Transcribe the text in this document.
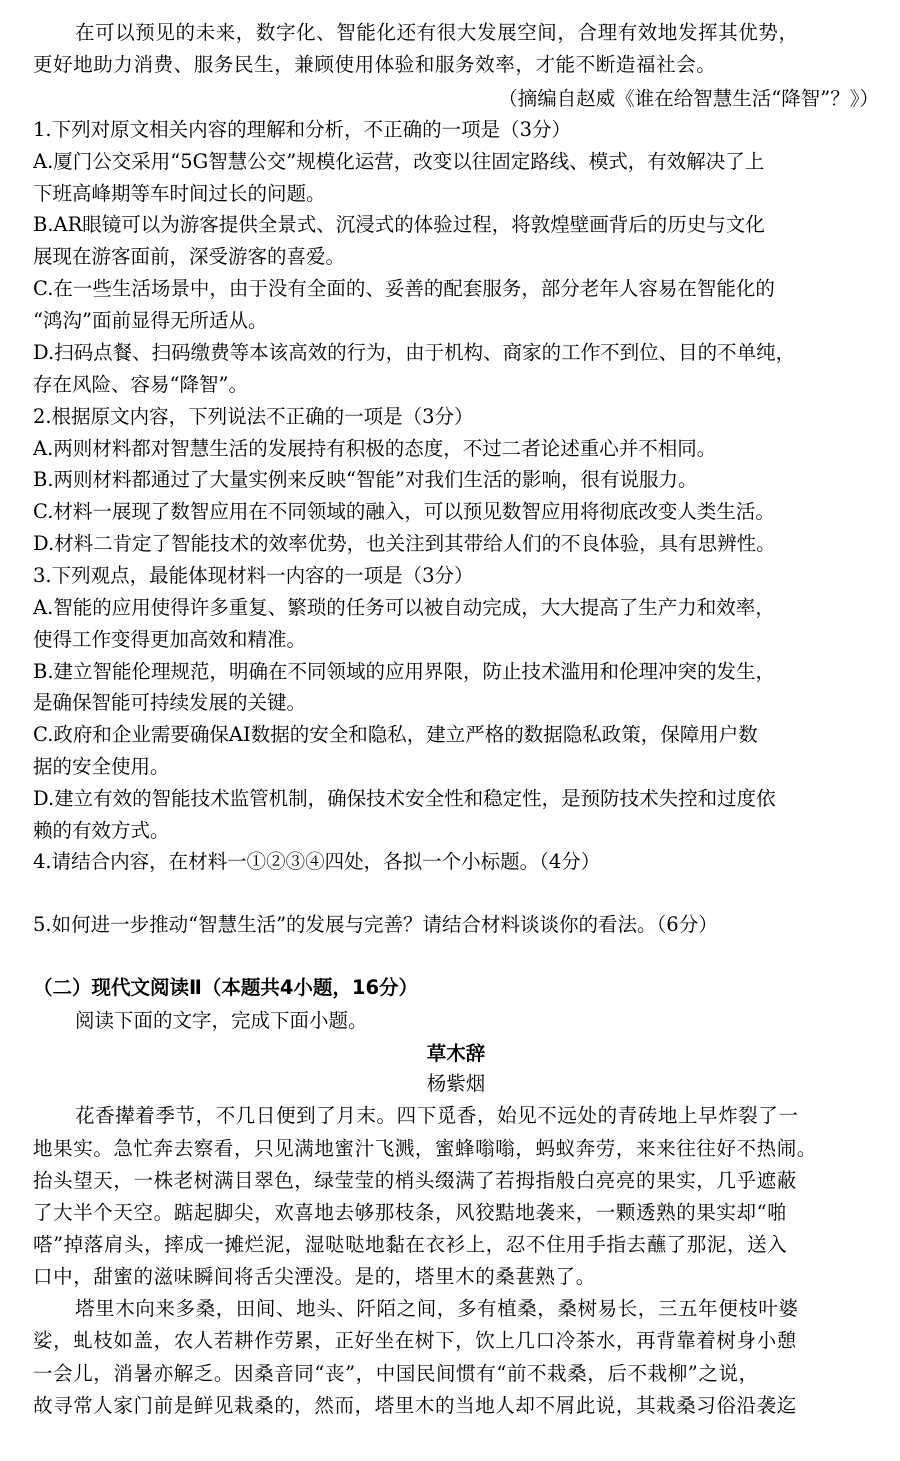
在可以预见的未来，数字化、智能化还有很大发展空间，合理有效地发挥其优势，
更好地助力消费、服务民生，兼顾使用体验和服务效率，才能不断造福社会。
（摘编自赵威《谁在给智慧生活“降智”？》）
1.下列对原文相关内容的理解和分析，不正确的一项是（3分）
A.厦门公交采用“5G智慧公交”规模化运营，改变以往固定路线、模式，有效解决了上
下班高峰期等车时间过长的问题。
B.AR眼镜可以为游客提供全景式、沉浸式的体验过程，将敦煌壁画背后的历史与文化
展现在游客面前，深受游客的喜爱。
C.在一些生活场景中，由于没有全面的、妥善的配套服务，部分老年人容易在智能化的
“鸿沟”面前显得无所适从。
D.扫码点餐、扫码缴费等本该高效的行为，由于机构、商家的工作不到位、目的不单纯，
存在风险、容易“降智”。
2.根据原文内容，下列说法不正确的一项是（3分）
A.两则材料都对智慧生活的发展持有积极的态度，不过二者论述重心并不相同。
B.两则材料都通过了大量实例来反映“智能”对我们生活的影响，很有说服力。
C.材料一展现了数智应用在不同领域的融入，可以预见数智应用将彻底改变人类生活。
D.材料二肯定了智能技术的效率优势，也关注到其带给人们的不良体验，具有思辨性。
3.下列观点，最能体现材料一内容的一项是（3分）
A.智能的应用使得许多重复、繁琐的任务可以被自动完成，大大提高了生产力和效率，
使得工作变得更加高效和精准。
B.建立智能伦理规范，明确在不同领域的应用界限，防止技术滥用和伦理冲突的发生，
是确保智能可持续发展的关键。
C.政府和企业需要确保AI数据的安全和隐私，建立严格的数据隐私政策，保障用户数
据的安全使用。
D.建立有效的智能技术监管机制，确保技术安全性和稳定性，是预防技术失控和过度依
赖的有效方式。
4.请结合内容，在材料一①②③④四处，各拟一个小标题。（4分）
5.如何进一步推动“智慧生活”的发展与完善？请结合材料谈谈你的看法。（6分）
（二）现代文阅读Ⅱ（本题共4小题，16分）
阅读下面的文字，完成下面小题。
草木辞
杨紫烟
花香撵着季节，不几日便到了月末。四下觅香，始见不远处的青砖地上早炸裂了一
地果实。急忙奔去察看，只见满地蜜汁飞溅，蜜蜂嗡嗡，蚂蚁奔劳，来来往往好不热闹。
抬头望天，一株老树满目翠色，绿莹莹的梢头缀满了若拇指般白亮亮的果实，几乎遮蔽
了大半个天空。踮起脚尖，欢喜地去够那枝条，风狡黠地袭来，一颗透熟的果实却“啪
嗒”掉落肩头，摔成一摊烂泥，湿哒哒地黏在衣衫上，忍不住用手指去蘸了那泥，送入
口中，甜蜜的滋味瞬间将舌尖湮没。是的，塔里木的桑葚熟了。
塔里木向来多桑，田间、地头、阡陌之间，多有植桑，桑树易长，三五年便枝叶婆
娑，虬枝如盖，农人若耕作劳累，正好坐在树下，饮上几口冷茶水，再背靠着树身小憩
一会儿，消暑亦解乏。因桑音同“丧”，中国民间惯有“前不栽桑，后不栽柳”之说，
故寻常人家门前是鲜见栽桑的，然而，塔里木的当地人却不屑此说，其栽桑习俗沿袭迄
